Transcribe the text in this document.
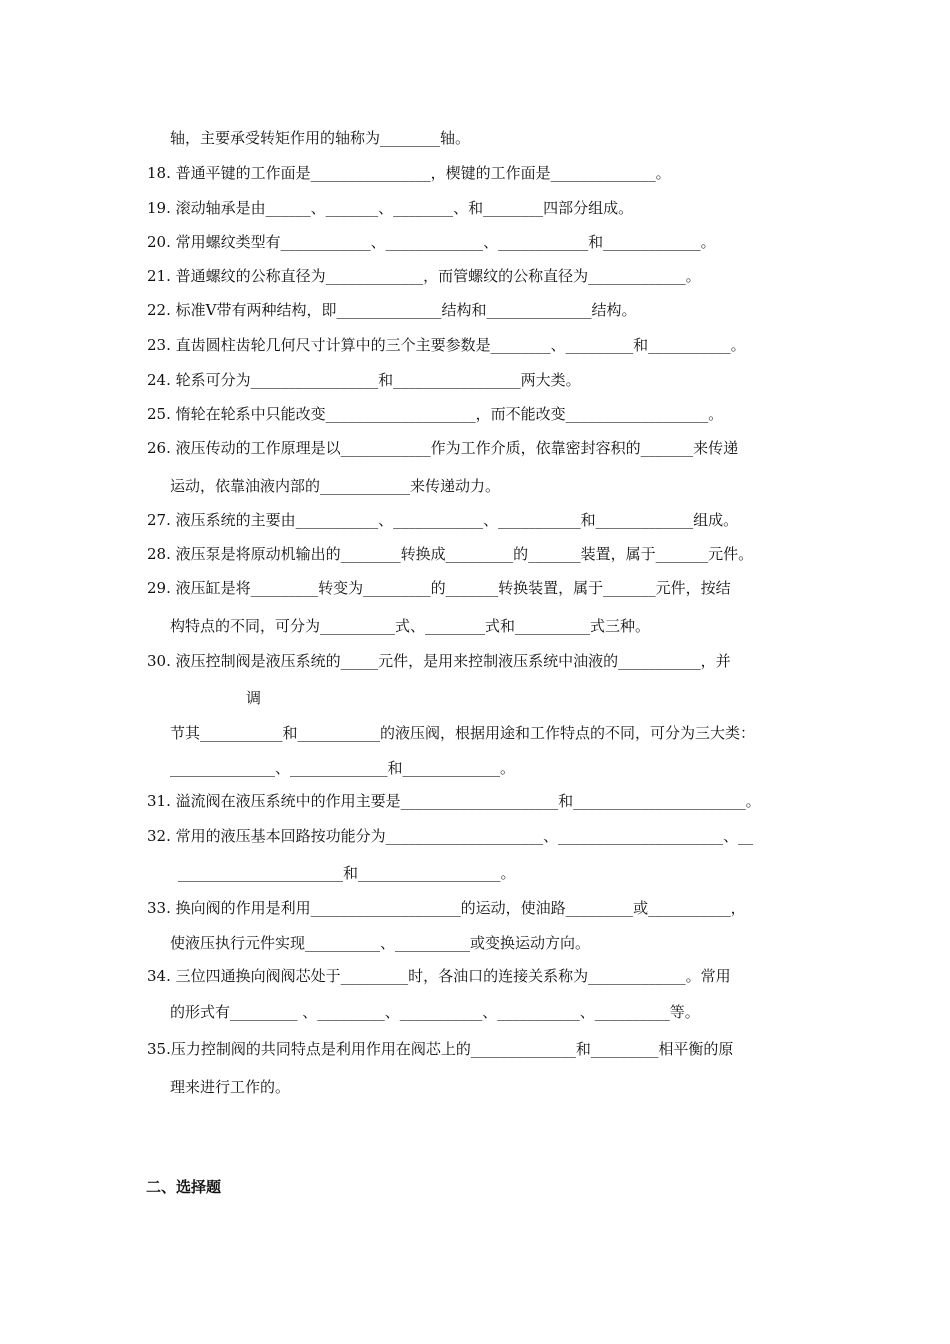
轴，主要承受转矩作用的轴称为________轴。
18. 普通平键的工作面是________________，楔键的工作面是______________。
19. 滚动轴承是由______、_______、________、和________四部分组成。
20. 常用螺纹类型有____________、_____________、____________和_____________。
21. 普通螺纹的公称直径为_____________，而管螺纹的公称直径为_____________。
22. 标准V带有两种结构，即______________结构和______________结构。
23. 直齿圆柱齿轮几何尺寸计算中的三个主要参数是________、_________和___________。
24. 轮系可分为_________________和_________________两大类。
25. 惰轮在轮系中只能改变____________________，而不能改变___________________。
26. 液压传动的工作原理是以____________作为工作介质，依靠密封容积的_______来传递
运动，依靠油液内部的____________来传递动力。
27. 液压系统的主要由___________、____________、___________和_____________组成。
28. 液压泵是将原动机输出的________转换成_________的_______装置，属于_______元件。
29. 液压缸是将_________转变为_________的_______转换装置，属于_______元件，按结
构特点的不同，可分为__________式、________式和__________式三种。
30. 液压控制阀是液压系统的_____元件，是用来控制液压系统中油液的___________，并
调
节其___________和___________的液压阀，根据用途和工作特点的不同，可分为三大类：
______________、_____________和_____________。
31. 溢流阀在液压系统中的作用主要是_____________________和_______________________。
32. 常用的液压基本回路按功能分为_____________________、______________________、__
______________________和___________________。
33. 换向阀的作用是利用____________________的运动，使油路_________或___________，
使液压执行元件实现__________、__________或变换运动方向。
34. 三位四通换向阀阀芯处于_________时，各油口的连接关系称为_____________。常用
的形式有_________ 、_________、___________、___________、__________等。
35.压力控制阀的共同特点是利用作用在阀芯上的______________和_________相平衡的原
理来进行工作的。
二、选择题
